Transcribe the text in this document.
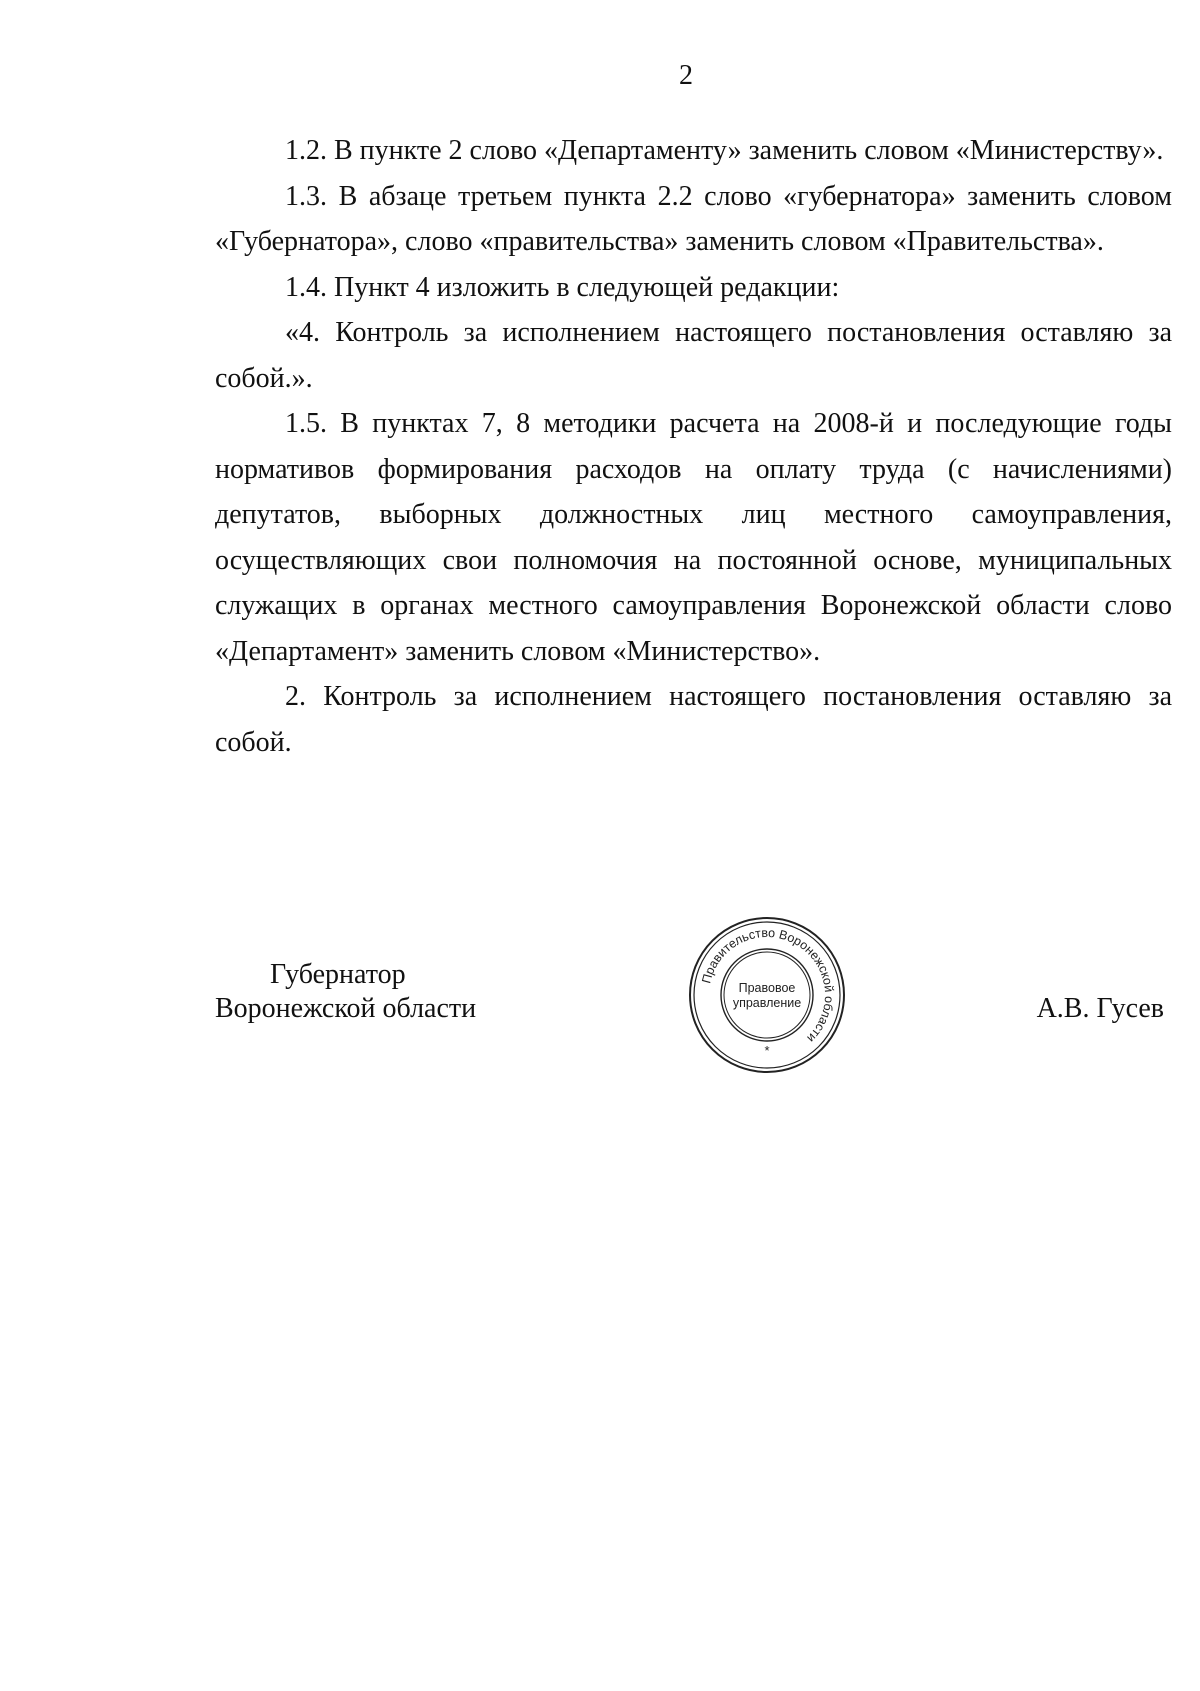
2

1.2. В пункте 2 слово «Департаменту» заменить словом «Министерству».

1.3. В абзаце третьем пункта 2.2 слово «губернатора» заменить словом «Губернатора», слово «правительства» заменить словом «Правительства».

1.4. Пункт 4 изложить в следующей редакции:

«4. Контроль за исполнением настоящего постановления оставляю за собой.».

1.5. В пунктах 7, 8 методики расчета на 2008-й и последующие годы нормативов формирования расходов на оплату труда (с начислениями) депутатов, выборных должностных лиц местного самоуправления, осуществляющих свои полномочия на постоянной основе, муниципальных служащих в органах местного самоуправления Воронежской области слово «Департамент» заменить словом «Министерство».

2. Контроль за исполнением настоящего постановления оставляю за собой.

Губернатор
Воронежской области
Правительство Воронежской области
Правовое
управление
*
А.В. Гусев
